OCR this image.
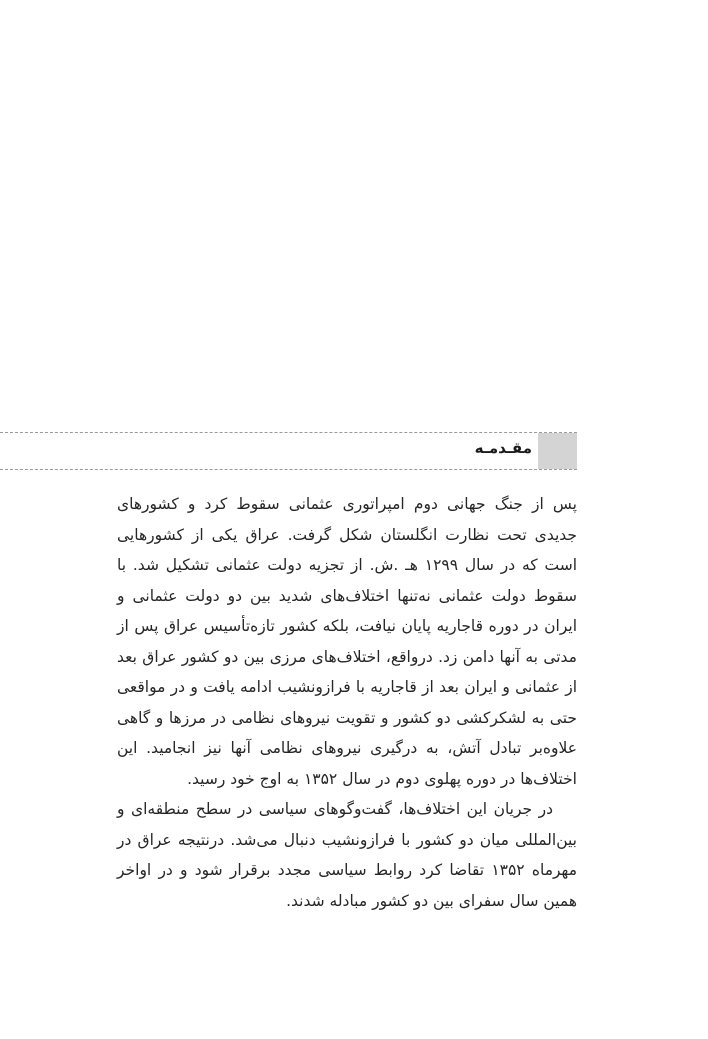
مقـدمـه

پس از جنگ جهانی دوم امپراتوری عثمانی سقوط کرد و کشورهای جدیدی تحت نظارت انگلستان شکل گرفت. عراق یکی از کشورهایی است که در سال ۱۲۹۹ هـ .ش. از تجزیه دولت عثمانی تشکیل شد. با سقوط دولت عثمانی نه‌تنها اختلاف‌های شدید بین دو دولت عثمانی و ایران در دوره قاجاریه پایان نیافت، بلکه کشور تازه‌تأسیس عراق پس از مدتی به آنها دامن زد. درواقع، اختلاف‌های مرزی بین دو کشور عراق بعد از عثمانی و ایران بعد از قاجاریه با فرازونشیب ادامه یافت و در مواقعی حتی به لشکرکشی دو کشور و تقویت نیروهای نظامی در مرزها و گاهی علاوه‌بر تبادل آتش، به درگیری نیروهای نظامی آنها نیز انجامید. این اختلاف‌ها در دوره پهلوی دوم در سال ۱۳۵۲ به اوج خود رسید.

در جریان این اختلاف‌ها، گفت‌وگوهای سیاسی در سطح منطقه‌ای و بین‌المللی میان دو کشور با فرازونشیب دنبال می‌شد. درنتیجه عراق در مهرماه ۱۳۵۲ تقاضا کرد روابط سیاسی مجدد برقرار شود و در اواخر همین سال سفرای بین دو کشور مبادله شدند.
